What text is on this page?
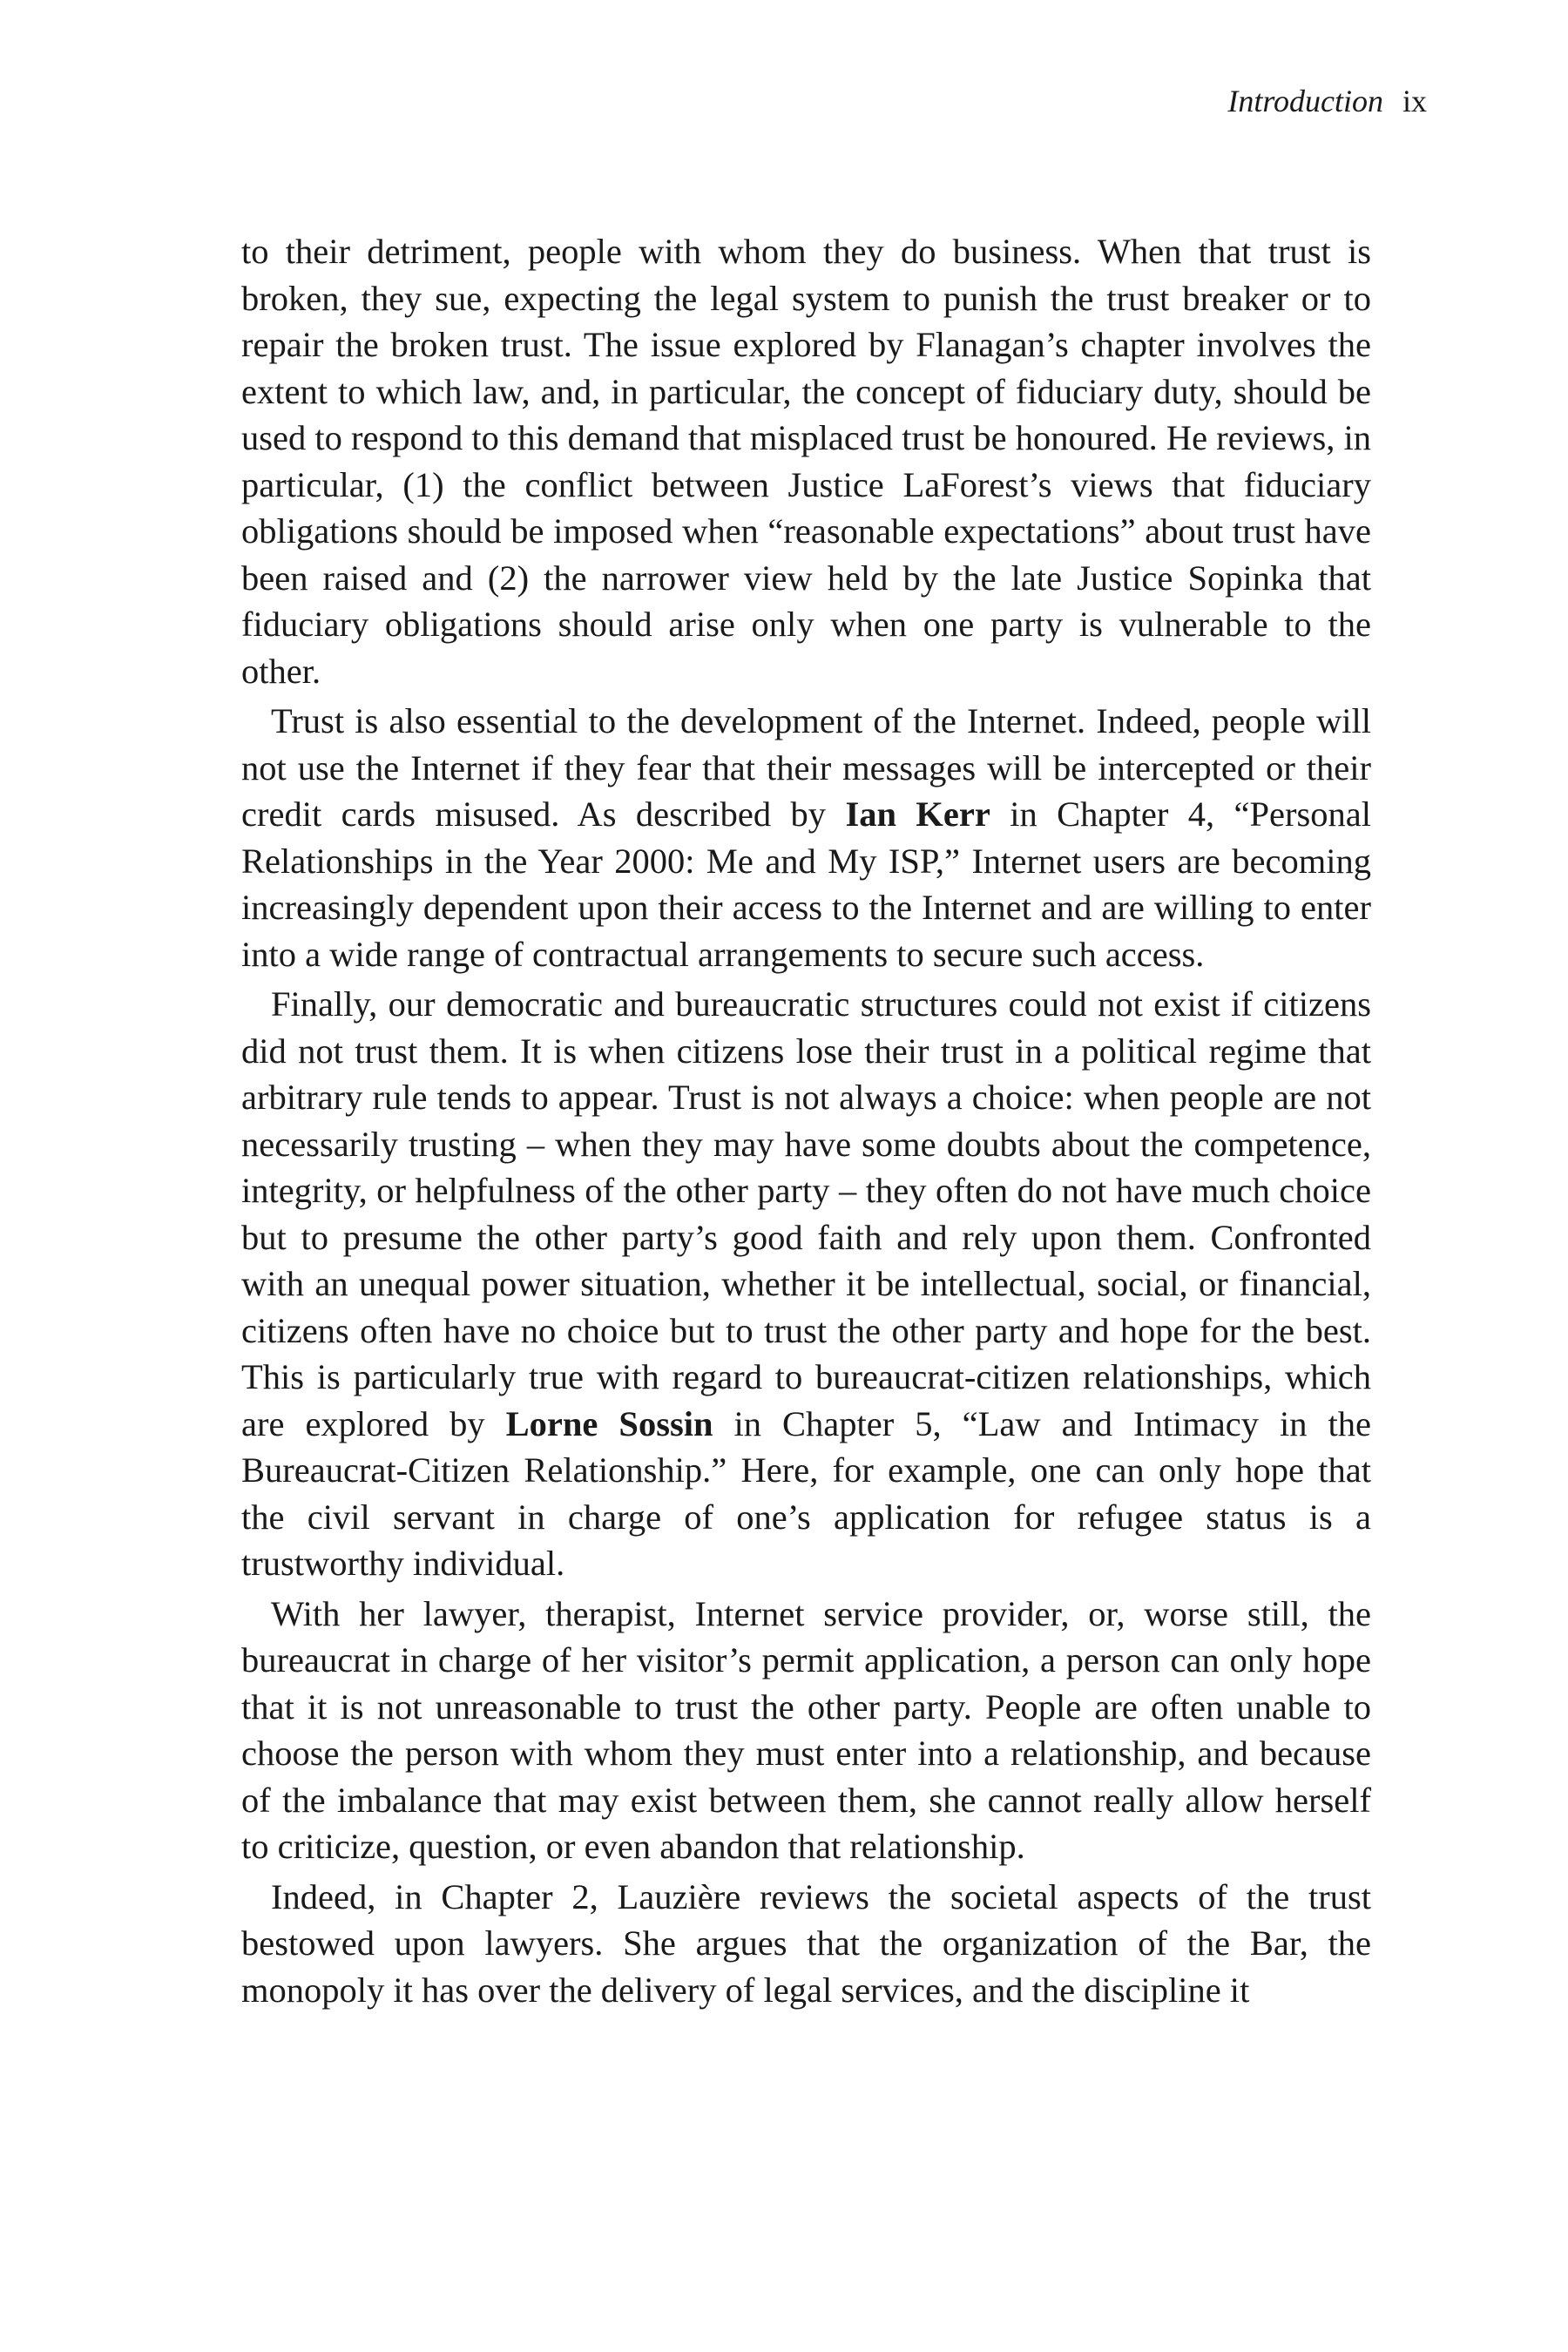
Introduction ix

to their detriment, people with whom they do business. When that trust is broken, they sue, expecting the legal system to punish the trust breaker or to repair the broken trust. The issue explored by Flanagan’s chapter involves the extent to which law, and, in particular, the concept of fiduciary duty, should be used to respond to this demand that misplaced trust be honoured. He reviews, in particular, (1) the conflict between Justice LaForest’s views that fiduciary obligations should be imposed when “reasonable expectations” about trust have been raised and (2) the narrower view held by the late Justice Sopinka that fiduciary obligations should arise only when one party is vulnerable to the other.

Trust is also essential to the development of the Internet. Indeed, people will not use the Internet if they fear that their messages will be intercepted or their credit cards misused. As described by Ian Kerr in Chapter 4, “Personal Relationships in the Year 2000: Me and My ISP,” Internet users are becoming increasingly dependent upon their access to the Internet and are willing to enter into a wide range of contractual arrangements to secure such access.

Finally, our democratic and bureaucratic structures could not exist if citizens did not trust them. It is when citizens lose their trust in a political regime that arbitrary rule tends to appear. Trust is not always a choice: when people are not necessarily trusting – when they may have some doubts about the competence, integrity, or helpfulness of the other party – they often do not have much choice but to presume the other party’s good faith and rely upon them. Confronted with an unequal power situation, whether it be intellectual, social, or financial, citizens often have no choice but to trust the other party and hope for the best. This is particularly true with regard to bureaucrat-citizen relationships, which are explored by Lorne Sossin in Chapter 5, “Law and Intimacy in the Bureaucrat-Citizen Relationship.” Here, for example, one can only hope that the civil servant in charge of one’s application for refugee status is a trustworthy individual.

With her lawyer, therapist, Internet service provider, or, worse still, the bureaucrat in charge of her visitor’s permit application, a person can only hope that it is not unreasonable to trust the other party. People are often unable to choose the person with whom they must enter into a relationship, and because of the imbalance that may exist between them, she cannot really allow herself to criticize, question, or even abandon that relationship.

Indeed, in Chapter 2, Lauzière reviews the societal aspects of the trust bestowed upon lawyers. She argues that the organization of the Bar, the monopoly it has over the delivery of legal services, and the discipline it
